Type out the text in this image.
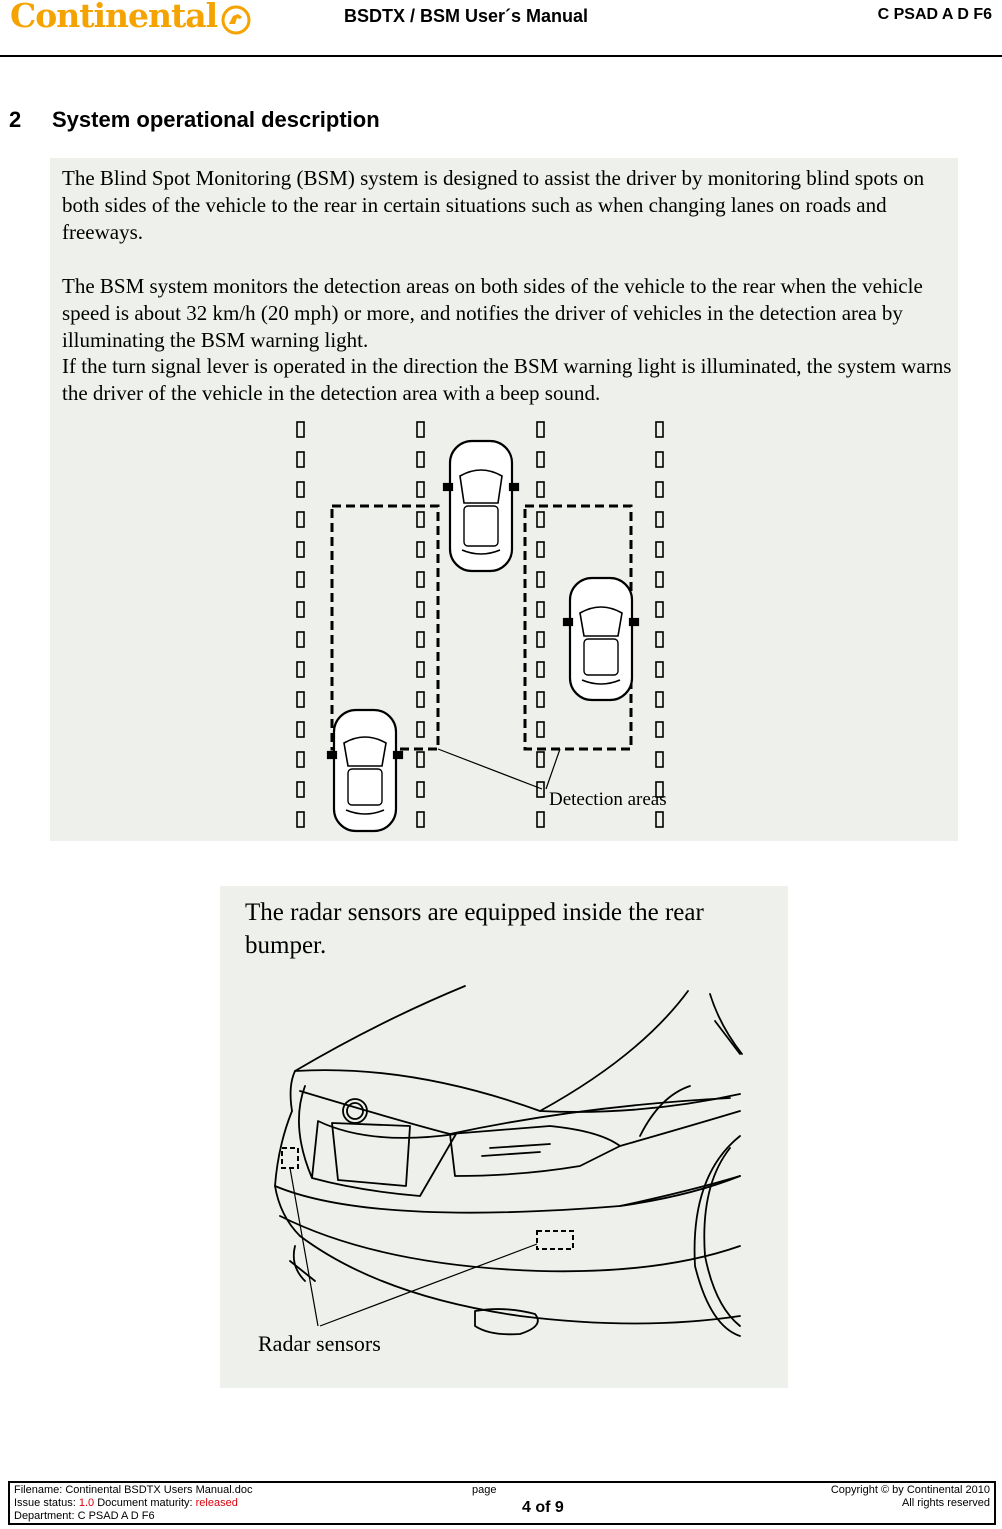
Continental	BSDTX / BSM User´s Manual	C PSAD A D F6
2 System operational description
Detection areas

The Blind Spot Monitoring (BSM) system is designed to assist the driver by monitoring blind spots on both sides of the vehicle to the rear in certain situations such as when changing lanes on roads and freeways.

The BSM system monitors the detection areas on both sides of the vehicle to the rear when the vehicle speed is about 32 km/h (20 mph) or more, and notifies the driver of vehicles in the detection area by illuminating the BSM warning light.

If the turn signal lever is operated in the direction the BSM warning light is illuminated, the system warns the driver of the vehicle in the detection area with a beep sound.

The radar sensors are equipped inside the rear bumper.

Radar sensors
Filename: Continental BSDTX Users Manual.doc
Issue status: 1.0 Document maturity: released
Department: C PSAD A D F6
page
4 of 9
Copyright © by Continental 2010
All rights reserved
